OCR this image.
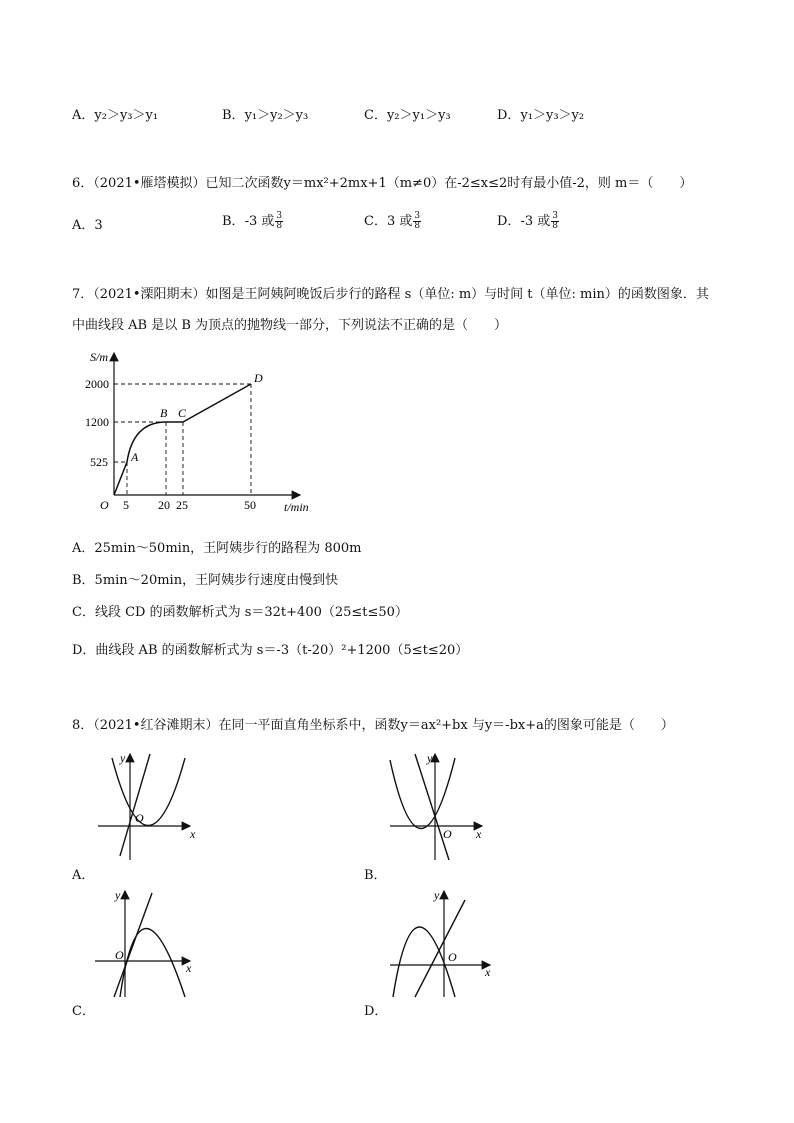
A．y₂＞y₃＞y₁	B．y₁＞y₂＞y₃	C．y₂＞y₁＞y₃	D．y₁＞y₃＞y₂
6．（2021•雁塔模拟）已知二次函数y＝mx²+2mx+1（m≠0）在-2≤x≤2时有最小值-2，则 m＝（　　）
A．3	B．-3 或 $\frac{3}{8}$	C．3 或 $\frac{3}{8}$	D．-3 或 $\frac{3}{8}$
7．（2021•溧阳期末）如图是王阿姨阿晚饭后步行的路程 s（单位: m）与时间 t（单位: min）的函数图象．其
中曲线段 AB 是以 B 为顶点的抛物线一部分，下列说法不正确的是（　　）
S/m
t/min
O
2000
1200
525
5 20 25	50
A
B C
D
A．25min～50min，王阿姨步行的路程为 800m
B．5min～20min，王阿姨步行速度由慢到快
C．线段 CD 的函数解析式为 s＝32t+400（25≤t≤50）
D．曲线段 AB 的函数解析式为 s＝-3（t-20）²+1200（5≤t≤20）
8．（2021•红谷滩期末）在同一平面直角坐标系中，函数y＝ax²+bx 与y＝-bx+a的图象可能是（　　）
y
x
O
A．
y
x
O
B．
y
x
O
C．
y
x
O
D．
